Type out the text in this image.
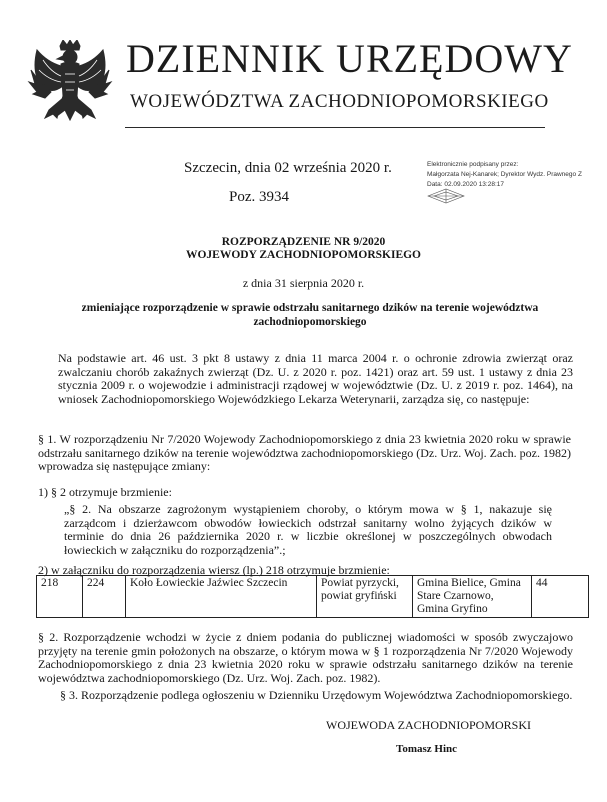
DZIENNIK URZĘDOWY
WOJEWÓDZTWA ZACHODNIOPOMORSKIEGO
Szczecin, dnia 02 września 2020 r.
Poz. 3934
Elektronicznie podpisany przez:
Małgorzata Nej-Kanarek; Dyrektor Wydz. Prawnego Z
Data: 02.09.2020 13:28:17
ROZPORZĄDZENIE NR 9/2020
WOJEWODY ZACHODNIOPOMORSKIEGO
z dnia 31 sierpnia 2020 r.
zmieniające rozporządzenie w sprawie odstrzału sanitarnego dzików na terenie województwa zachodniopomorskiego
Na podstawie art. 46 ust. 3 pkt 8 ustawy z dnia 11 marca 2004 r. o ochronie zdrowia zwierząt oraz zwalczaniu chorób zakaźnych zwierząt (Dz. U. z 2020 r. poz. 1421) oraz art. 59 ust. 1 ustawy z dnia 23 stycznia 2009 r. o wojewodzie i administracji rządowej w województwie (Dz. U. z 2019 r. poz. 1464), na wniosek Zachodniopomorskiego Wojewódzkiego Lekarza Weterynarii, zarządza się, co następuje:
§ 1. W rozporządzeniu Nr 7/2020 Wojewody Zachodniopomorskiego z dnia 23 kwietnia 2020 roku w sprawie odstrzału sanitarnego dzików na terenie województwa zachodniopomorskiego (Dz. Urz. Woj. Zach. poz. 1982) wprowadza się następujące zmiany:
1) § 2 otrzymuje brzmienie:
„§ 2. Na obszarze zagrożonym wystąpieniem choroby, o którym mowa w § 1, nakazuje się zarządcom i dzierżawcom obwodów łowieckich odstrzał sanitarny wolno żyjących dzików w terminie do dnia 26 października 2020 r. w liczbie określonej w poszczególnych obwodach łowieckich w załączniku do rozporządzenia”.;
2) w załączniku do rozporządzenia wiersz (lp.) 218 otrzymuje brzmienie:
218	224	Koło Łowieckie Jaźwiec Szczecin	Powiat pyrzycki, powiat gryfiński	Gmina Bielice, Gmina Stare Czarnowo, Gmina Gryfino	44
§ 2. Rozporządzenie wchodzi w życie z dniem podania do publicznej wiadomości w sposób zwyczajowo przyjęty na terenie gmin położonych na obszarze, o którym mowa w § 1 rozporządzenia Nr 7/2020 Wojewody Zachodniopomorskiego z dnia 23 kwietnia 2020 roku w sprawie odstrzału sanitarnego dzików na terenie województwa zachodniopomorskiego (Dz. Urz. Woj. Zach. poz. 1982).
§ 3. Rozporządzenie podlega ogłoszeniu w Dzienniku Urzędowym Województwa Zachodniopomorskiego.
WOJEWODA ZACHODNIOPOMORSKI
Tomasz Hinc
